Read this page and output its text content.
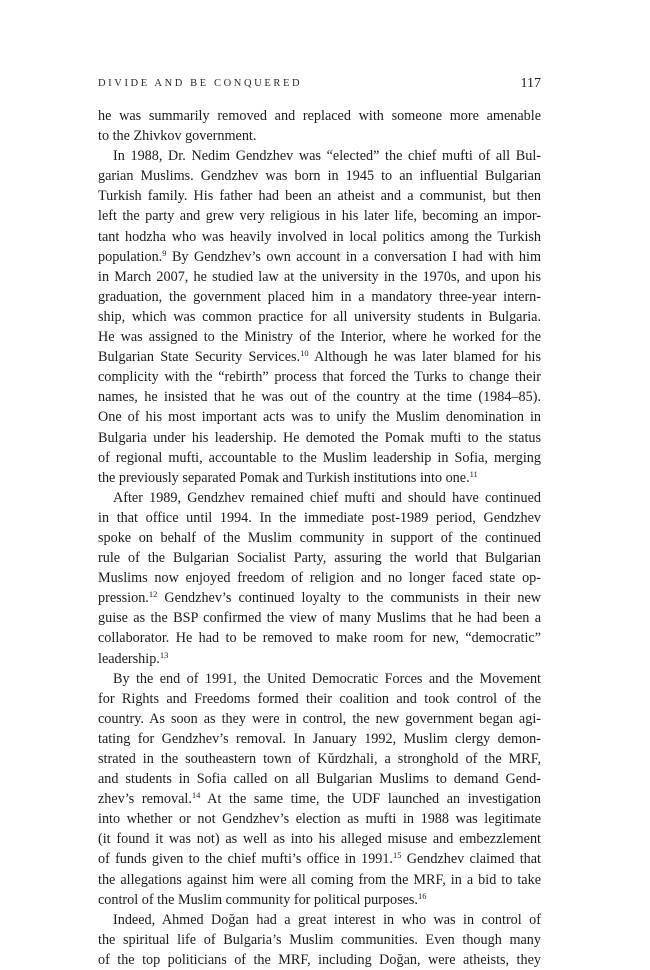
DIVIDE AND BE CONQUERED	117
he was summarily removed and replaced with someone more amenable
to the Zhivkov government.
In 1988, Dr. Nedim Gendzhev was “elected” the chief mufti of all Bul-
garian Muslims. Gendzhev was born in 1945 to an influential Bulgarian
Turkish family. His father had been an atheist and a communist, but then
left the party and grew very religious in his later life, becoming an impor-
tant hodzha who was heavily involved in local politics among the Turkish
population.$^9$ By Gendzhev’s own account in a conversation I had with him
in March 2007, he studied law at the university in the 1970s, and upon his
graduation, the government placed him in a mandatory three-year intern-
ship, which was common practice for all university students in Bulgaria.
He was assigned to the Ministry of the Interior, where he worked for the
Bulgarian State Security Services.$^{10}$ Although he was later blamed for his
complicity with the “rebirth” process that forced the Turks to change their
names, he insisted that he was out of the country at the time (1984–85).
One of his most important acts was to unify the Muslim denomination in
Bulgaria under his leadership. He demoted the Pomak mufti to the status
of regional mufti, accountable to the Muslim leadership in Sofia, merging
the previously separated Pomak and Turkish institutions into one.$^{11}$
After 1989, Gendzhev remained chief mufti and should have continued
in that office until 1994. In the immediate post-1989 period, Gendzhev
spoke on behalf of the Muslim community in support of the continued
rule of the Bulgarian Socialist Party, assuring the world that Bulgarian
Muslims now enjoyed freedom of religion and no longer faced state op-
pression.$^{12}$ Gendzhev’s continued loyalty to the communists in their new
guise as the BSP confirmed the view of many Muslims that he had been a
collaborator. He had to be removed to make room for new, “democratic”
leadership.$^{13}$
By the end of 1991, the United Democratic Forces and the Movement
for Rights and Freedoms formed their coalition and took control of the
country. As soon as they were in control, the new government began agi-
tating for Gendzhev’s removal. In January 1992, Muslim clergy demon-
strated in the southeastern town of Kŭrdzhali, a stronghold of the MRF,
and students in Sofia called on all Bulgarian Muslims to demand Gend-
zhev’s removal.$^{14}$ At the same time, the UDF launched an investigation
into whether or not Gendzhev’s election as mufti in 1988 was legitimate
(it found it was not) as well as into his alleged misuse and embezzlement
of funds given to the chief mufti’s office in 1991.15 Gendzhev claimed that
the allegations against him were all coming from the MRF, in a bid to take
control of the Muslim community for political purposes.$^{16}$
Indeed, Ahmed Doğan had a great interest in who was in control of
the spiritual life of Bulgaria’s Muslim communities. Even though many
of the top politicians of the MRF, including Doğan, were atheists, they
